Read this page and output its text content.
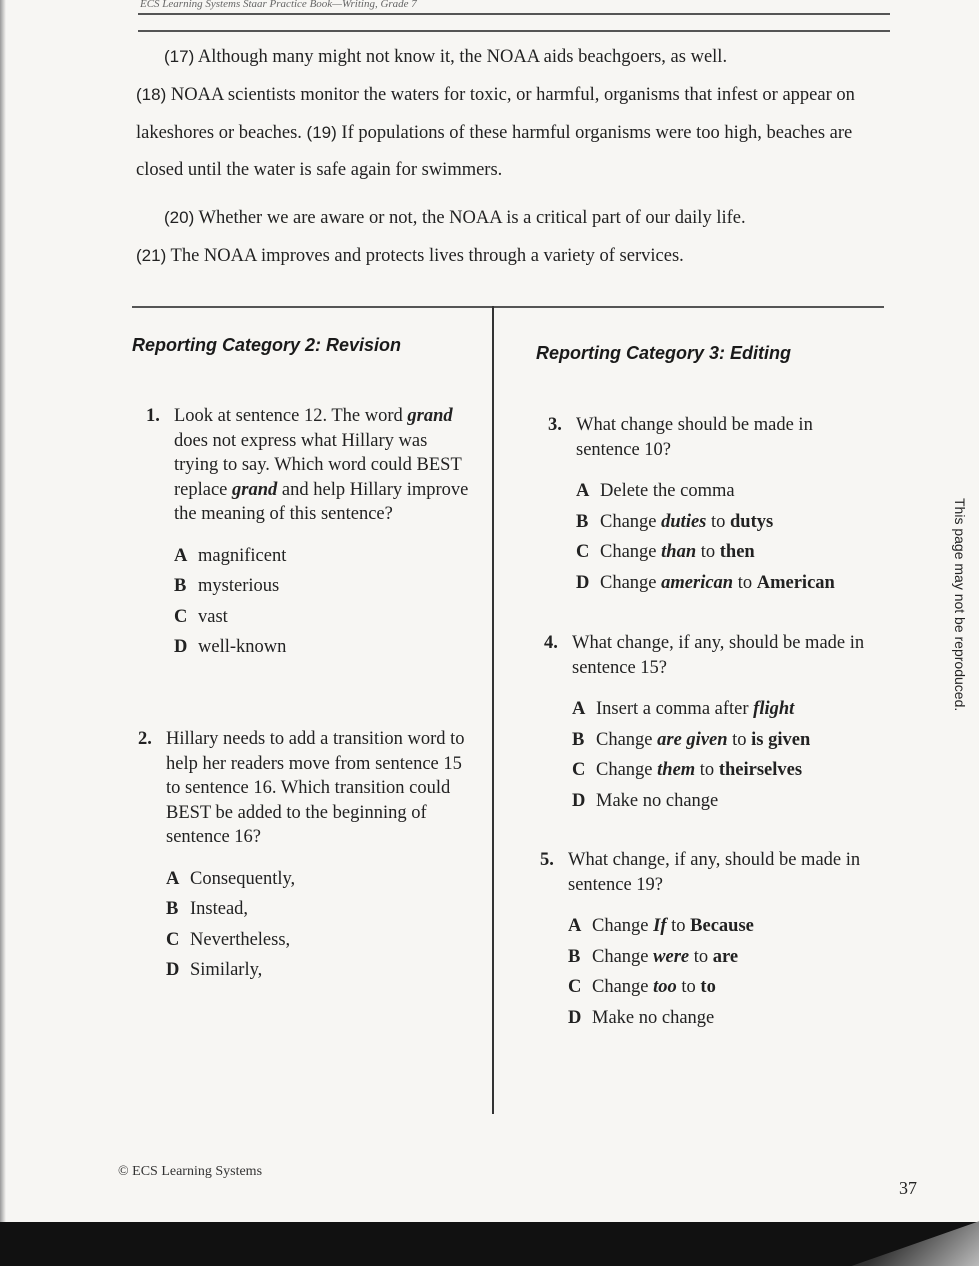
ECS Learning Systems Staar Practice Book—Writing, Grade 7

(17) Although many might not know it, the NOAA aids beachgoers, as well.
(18) NOAA scientists monitor the waters for toxic, or harmful, organisms that infest or appear on lakeshores or beaches. (19) If populations of these harmful organisms were too high, beaches are closed until the water is safe again for swimmers.

(20) Whether we are aware or not, the NOAA is a critical part of our daily life.
(21) The NOAA improves and protects lives through a variety of services.

Reporting Category 2: Revision
1. Look at sentence 12. The word grand does not express what Hillary was trying to say. Which word could BEST replace grand and help Hillary improve the meaning of this sentence?
A magnificent
B mysterious
C vast
D well-known
2. Hillary needs to add a transition word to help her readers move from sentence 15 to sentence 16. Which transition could BEST be added to the beginning of sentence 16?
A Consequently,
B Instead,
C Nevertheless,
D Similarly,
Reporting Category 3: Editing
3. What change should be made in sentence 10?
A Delete the comma
B Change duties to dutys
C Change than to then
D Change american to American
4. What change, if any, should be made in sentence 15?
A Insert a comma after flight
B Change are given to is given
C Change them to theirselves
D Make no change
5. What change, if any, should be made in sentence 19?
A Change If to Because
B Change were to are
C Change too to to
D Make no change
This page may not be reproduced.
© ECS Learning Systems
37
